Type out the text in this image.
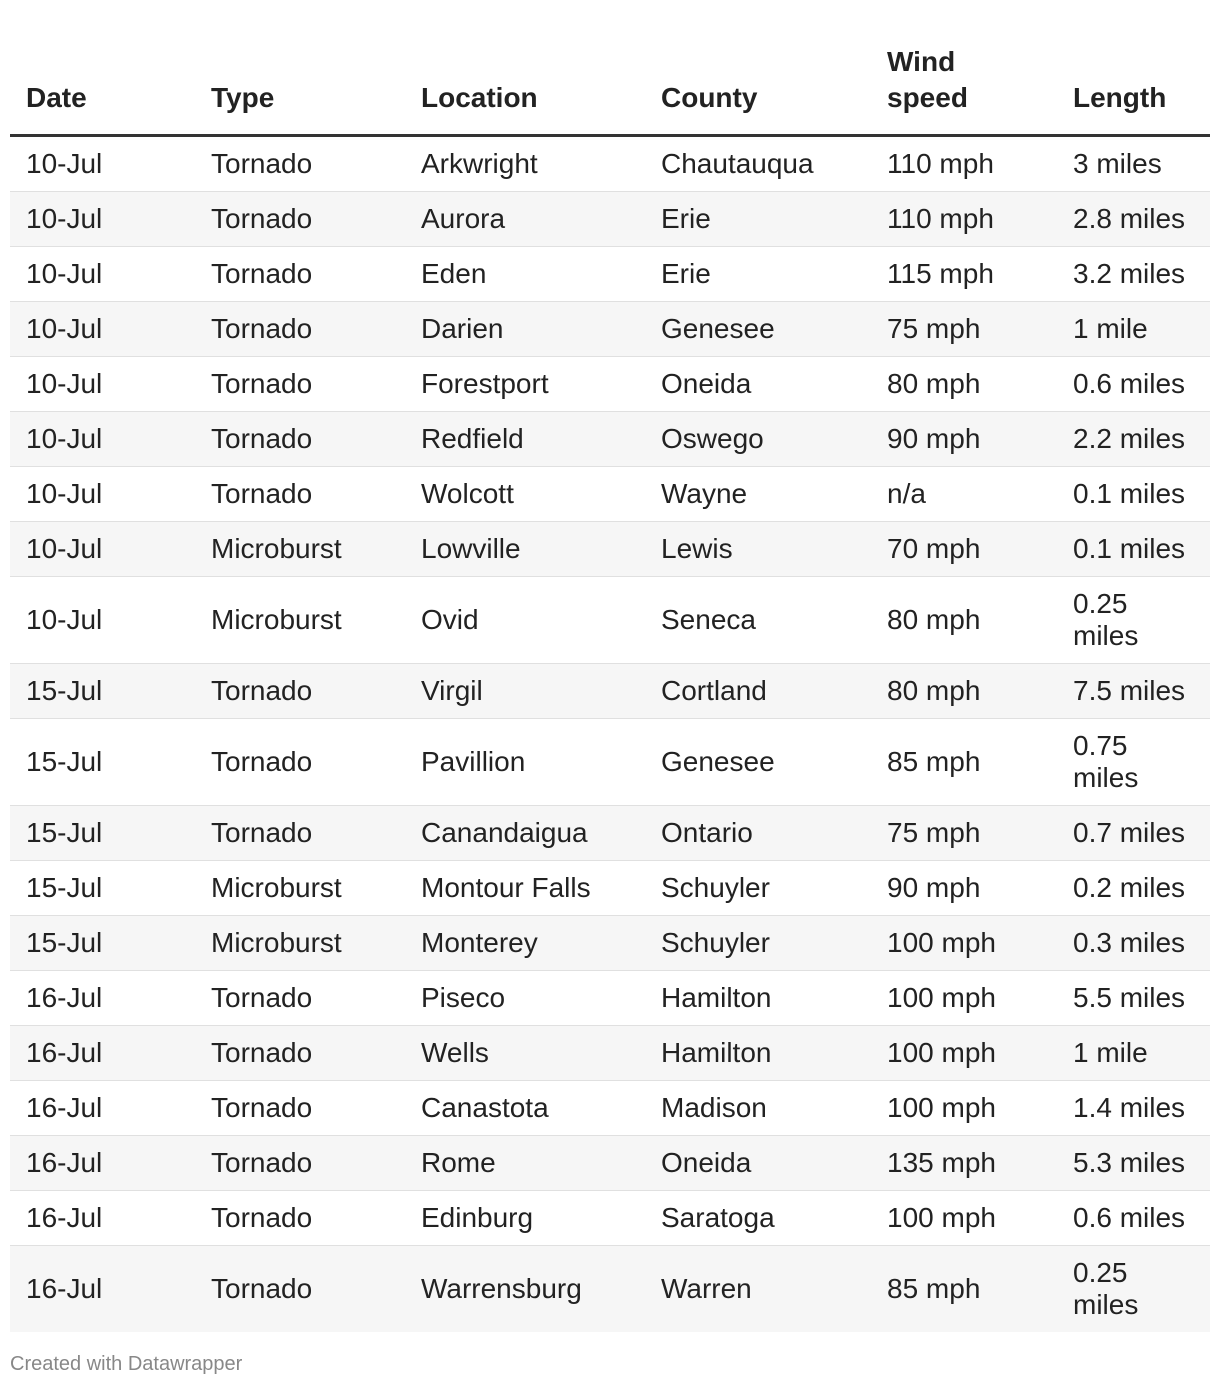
Date	Type	Location	County	Wind speed	Length
10-Jul	Tornado	Arkwright	Chautauqua	110 mph	3 miles
10-Jul	Tornado	Aurora	Erie	110 mph	2.8 miles
10-Jul	Tornado	Eden	Erie	115 mph	3.2 miles
10-Jul	Tornado	Darien	Genesee	75 mph	1 mile
10-Jul	Tornado	Forestport	Oneida	80 mph	0.6 miles
10-Jul	Tornado	Redfield	Oswego	90 mph	2.2 miles
10-Jul	Tornado	Wolcott	Wayne	n/a	0.1 miles
10-Jul	Microburst	Lowville	Lewis	70 mph	0.1 miles
10-Jul	Microburst	Ovid	Seneca	80 mph	0.25 miles
15-Jul	Tornado	Virgil	Cortland	80 mph	7.5 miles
15-Jul	Tornado	Pavillion	Genesee	85 mph	0.75 miles
15-Jul	Tornado	Canandaigua	Ontario	75 mph	0.7 miles
15-Jul	Microburst	Montour Falls	Schuyler	90 mph	0.2 miles
15-Jul	Microburst	Monterey	Schuyler	100 mph	0.3 miles
16-Jul	Tornado	Piseco	Hamilton	100 mph	5.5 miles
16-Jul	Tornado	Wells	Hamilton	100 mph	1 mile
16-Jul	Tornado	Canastota	Madison	100 mph	1.4 miles
16-Jul	Tornado	Rome	Oneida	135 mph	5.3 miles
16-Jul	Tornado	Edinburg	Saratoga	100 mph	0.6 miles
16-Jul	Tornado	Warrensburg	Warren	85 mph	0.25 miles
Created with Datawrapper
